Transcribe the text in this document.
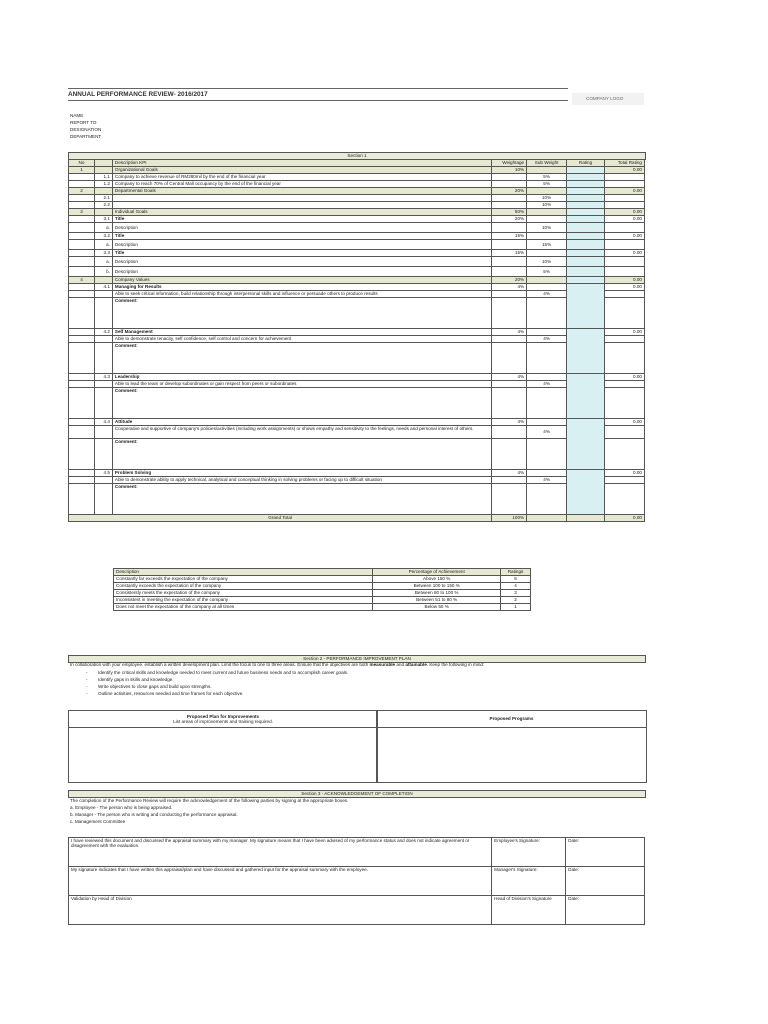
ANNUAL PERFORMANCE REVIEW- 2016/2017
COMPANY LOGO
NAME
REPORT TO
DESIGNATION
DEPARTMENT
Section 1
No		Description KPI	Weightage	Sub Weight	Rating	Total Rating
1		Organizational Goals	10%			0.00
	1.1	Company to achieve revenue of RM280mil by the end of the financial year		5%		
	1.2	Company to reach 70% of Central Mall occupancy by the end of the financial year		5%		
2		Departmental Goals	20%			0.00
	2.1			10%		
	2.2			10%		
3		Individual Goals	50%			0.00
	3.1	Title	20%			0.00
	a.	Description		10%		
	3.2	Title	15%			0.00
	a.	Description		15%		
	3.3	Title	15%			0.00
	a.	Description		10%		
	b.	Description		5%		
4		Company Values	20%			0.00
	4.1	Managing for Results	4%			0.00
		Able to seek critical information, build relationship through interpersonal skills and influence or persuade others to produce results		4%		
		Comment:				
	4.2	Self Management	4%			0.00
		Able to demonstrate tenacity, self confidence, self control and concern for achievement		4%		
		Comment:				
	4.3	Leadership	4%			0.00
		Able to lead the team or develop subordinates or gain respect from peers or subordinates		4%		
		Comment:				
	4.4	Attitude	4%			0.00
		Cooperative and supportive of company's policies/activities (including work assignments) or shows empathy and sensitivity to the feelings, needs and personal interest of others.		4%		
		Comment:				
	4.5	Problem Solving	4%			0.00
		Able to demonstrate ability to apply technical, analytical and conceptual thinking in solving problems or facing up to difficult situation		4%		
		Comment:				
Grand Total			100%			0.00
Description	Percentage of Achievement	Ratings
Constantly far exceeds the expectation of the company	Above 150 %	5
Constantly exceeds the expectation of the company	Between 100 to 150 %	4
Consistently meets the expectation of the company	Between 80 to 100 %	3
Inconsistent in meeting the expectation of the company	Between 51 to 80 %	2
Does not meet the expectation of the company at all times	Below 50 %	1
Section 2 - PERFORMANCE IMPROVEMENT PLAN
In collaboration with your employee, establish a written development plan. Limit the focus to one to three areas. Ensure that the objectives are both measurable and attainable. Keep the following in mind:
- Identify the critical skills and knowledge needed to meet current and future business needs and to accomplish career goals.
- Identify gaps in skills and knowledge.
- Write objectives to close gaps and build upon strengths.
- Outline activities, resources needed and time frames for each objective.
Proposed Plan for Improvements
List areas of improvements and training required.
Proposed Programs
Section 3 - ACKNOWLEDGEMENT OF COMPLETION
The completion of the Performance Review will require the acknowledgement of the following parties by signing at the appropriate boxes.
a. Employee - The person who is being appraised.
b. Manager - The person who is writing and conducting the performance appraisal.
c. Management Committee
I have reviewed this document and discussed the appraisal summary with my manager. My signature means that I have been advised of my performance status and does not indicate agreement or disagreement with the evaluation.	Employee's Signature:	Date:
My signature indicates that I have written this appraisal/plan and have discussed and gathered input for the appraisal summary with the employee.	Manager's Signature:	Date:
Validation by Head of Division	Head of Division's Signature	Date:
